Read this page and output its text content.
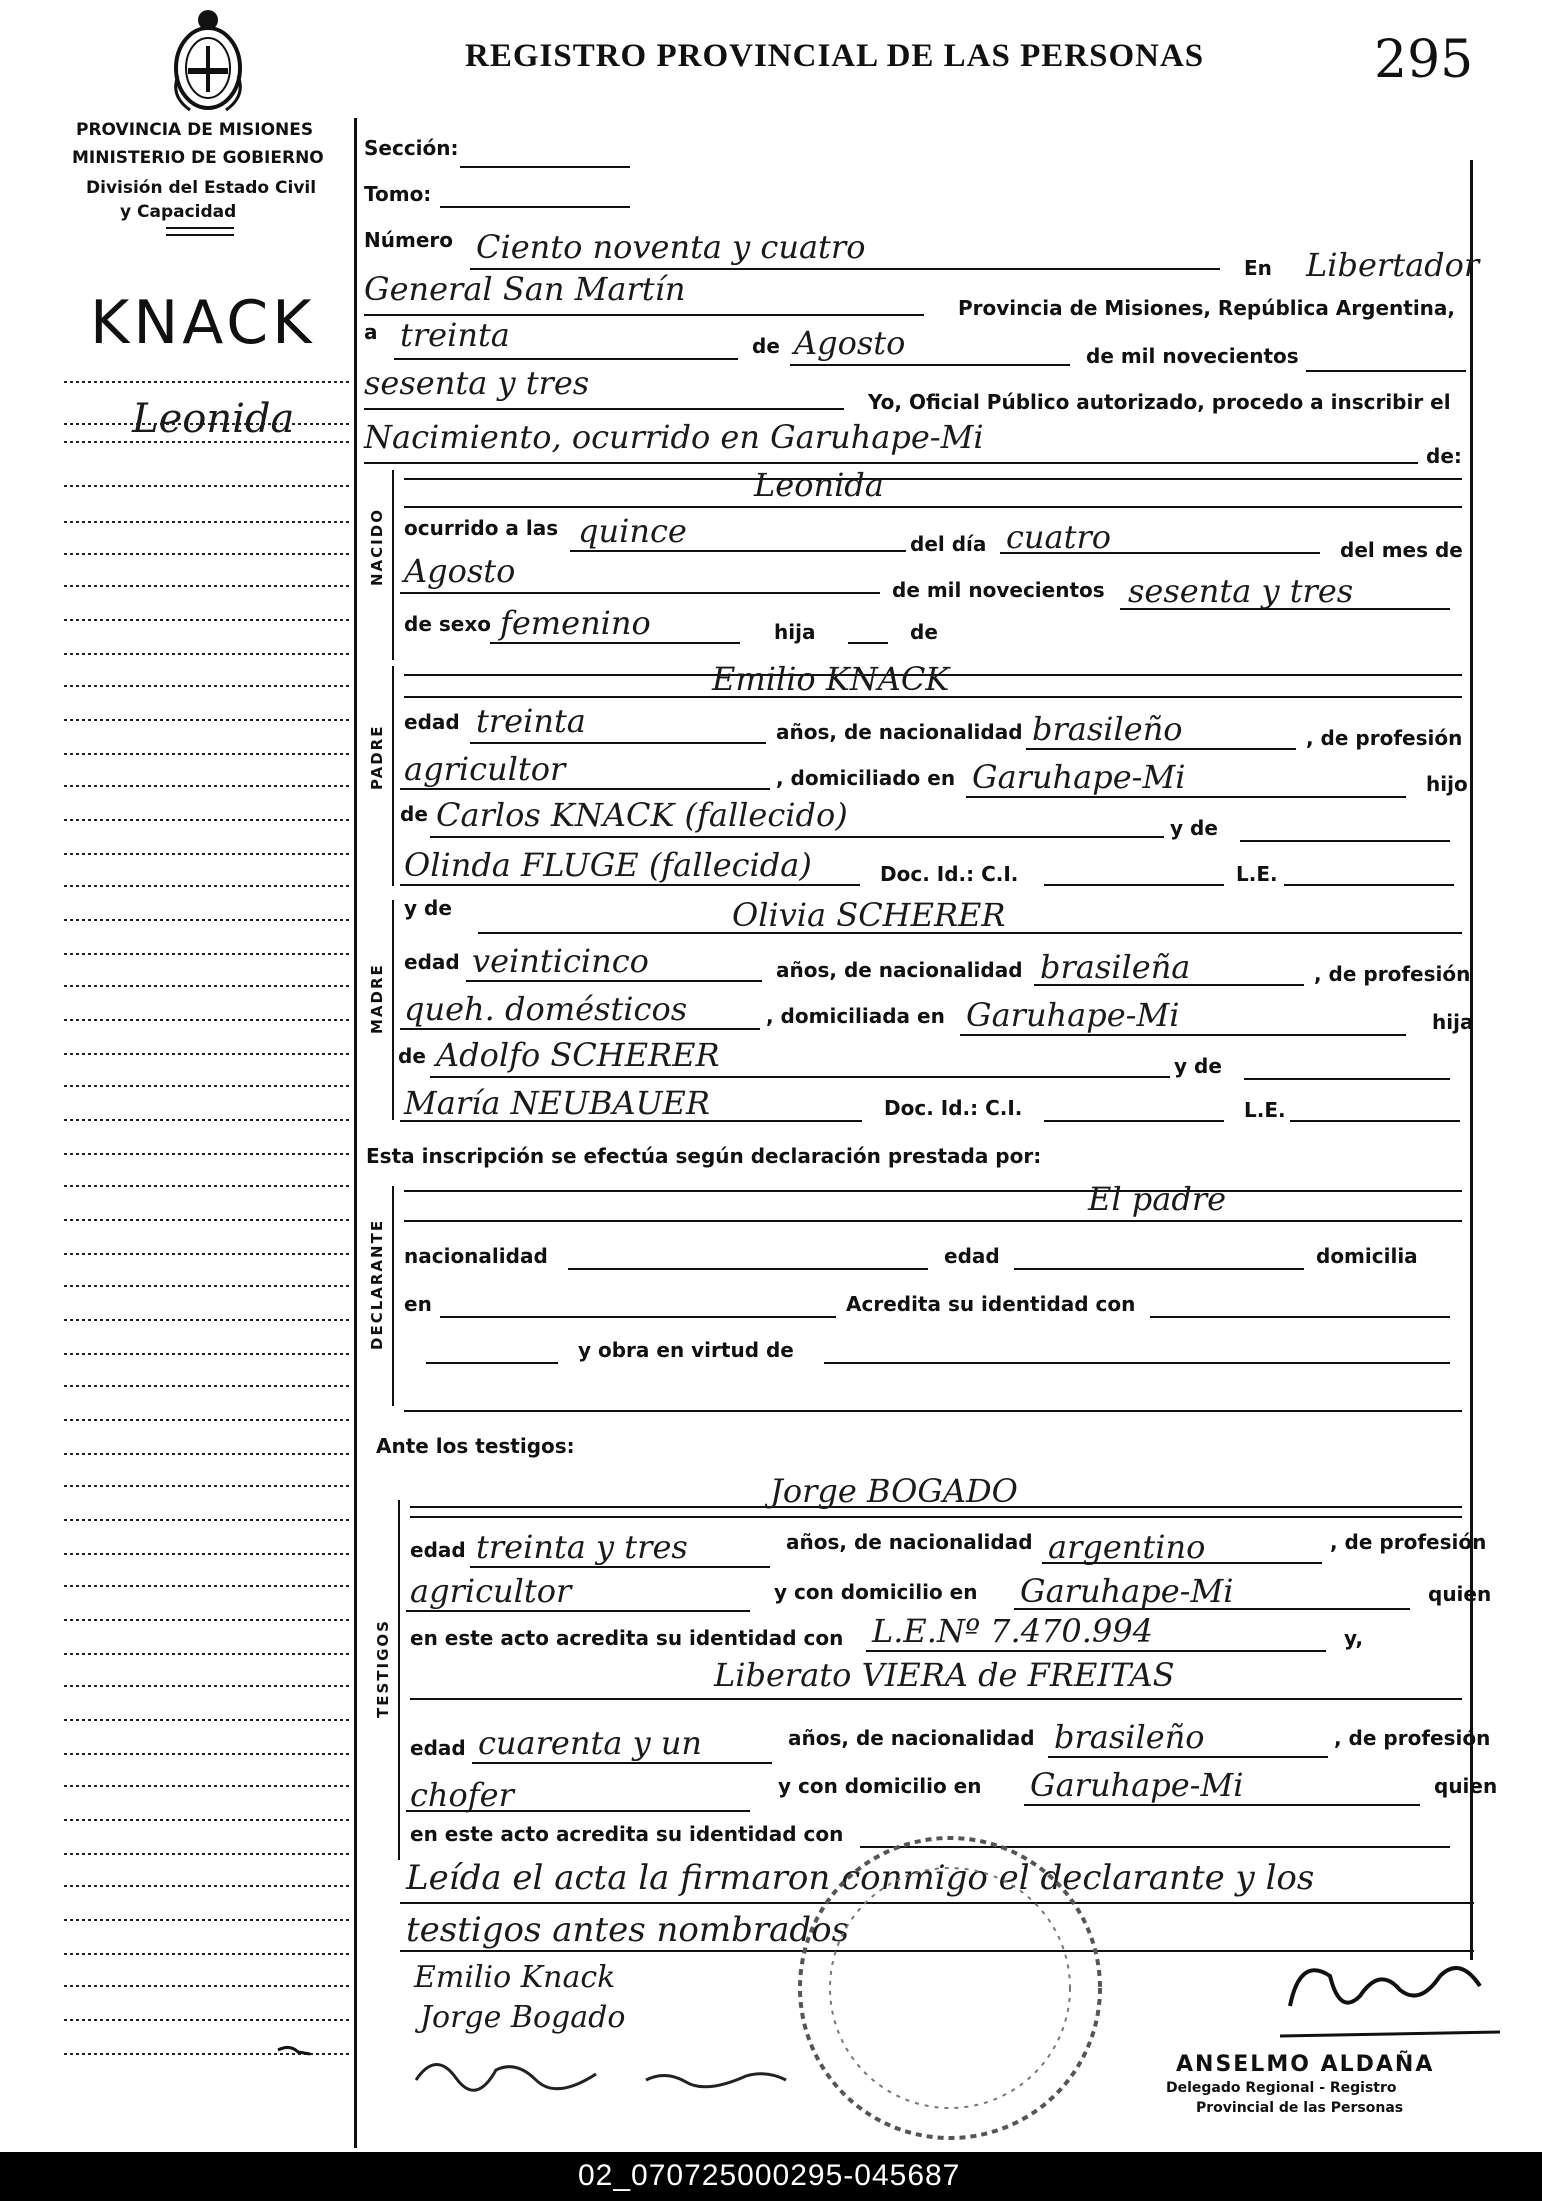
REGISTRO PROVINCIAL DE LAS PERSONAS	295
PROVINCIA DE MISIONES
MINISTERIO DE GOBIERNO
División del Estado Civil
y Capacidad
KNACK
Leonida
Sección:
Tomo:
Número Ciento noventa y cuatro
En Libertador
General San Martín	Provincia de Misiones, República Argentina,
a treinta	de Agosto	de mil novecientos
sesenta y tres	Yo, Oficial Público autorizado, procedo a inscribir el
Nacimiento, ocurrido en Garuhape-Mi	de:
NACIDO
Leonida
ocurrido a las quince	del día cuatro	del mes de
Agosto	de mil novecientos sesenta y tres
de sexo femenino	hija	de
PADRE
Emilio KNACK
edad treinta	años, de nacionalidad brasileño	, de profesión
agricultor	, domiciliado en Garuhape-Mi	hijo
de Carlos KNACK (fallecido)	y de
Olinda FLUGE (fallecida)	Doc. Id.: C.I.	L.E.
MADRE
y de	Olivia SCHERER
edad veinticinco	años, de nacionalidad brasileña	, de profesión
queh. domésticos	, domiciliada en Garuhape-Mi	hija
de Adolfo SCHERER	y de
María NEUBAUER	Doc. Id.: C.I.	L.E.
Esta inscripción se efectúa según declaración prestada por:
DECLARANTE
El padre
nacionalidad	edad	domicilia
en	Acredita su identidad con
y obra en virtud de
Ante los testigos:
TESTIGOS
Jorge BOGADO
edad treinta y tres	años, de nacionalidad argentino	, de profesión
agricultor	y con domicilio en Garuhape-Mi	quien
en este acto acredita su identidad con L.E.Nº 7.470.994	y,
Liberato VIERA de FREITAS
edad cuarenta y un	años, de nacionalidad brasileño	, de profesión
chofer	y con domicilio en Garuhape-Mi	quien
en este acto acredita su identidad con
Leída el acta la firmaron conmigo el declarante y los
testigos antes nombrados
Emilio Knack
Jorge Bogado
ANSELMO ALDAÑA
Delegado Regional - Registro
Provincial de las Personas
02_070725000295-045687
